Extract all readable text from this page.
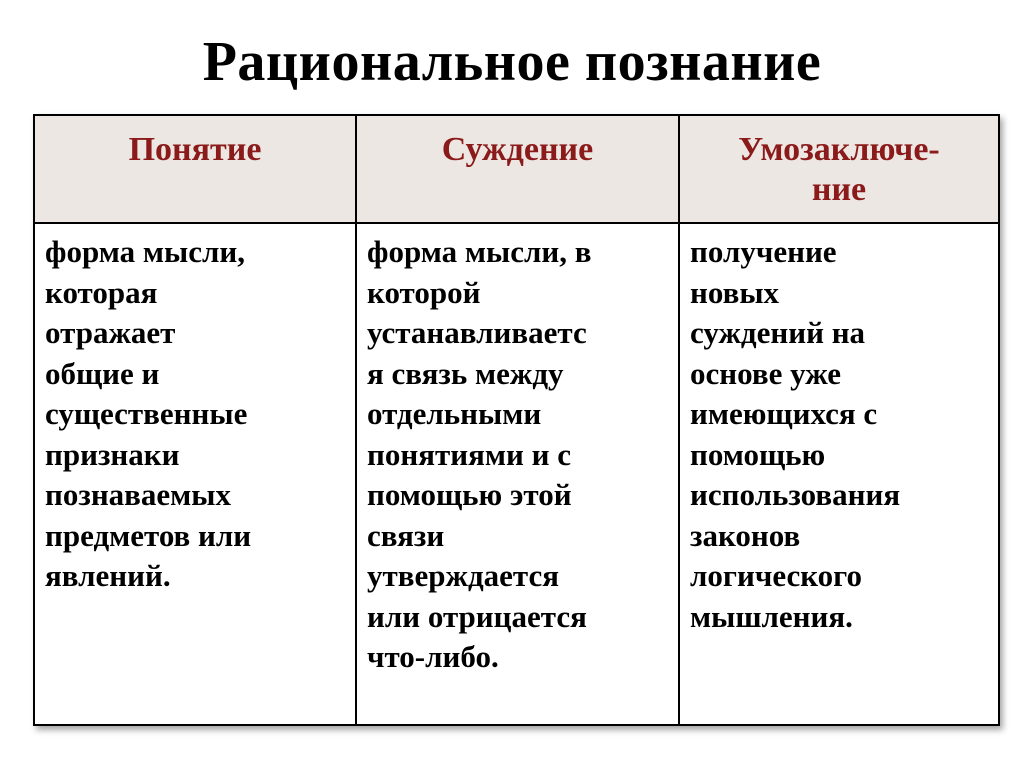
Рациональное познание
Понятие	Суждение	Умозаключе-
ние
форма мысли,
которая
отражает
общие и
существенные
признаки
познаваемых
предметов или
явлений.
форма мысли, в
которой
устанавливаетс
я связь между
отдельными
понятиями и с
помощью этой
связи
утверждается
или отрицается
что-либо.
получение
новых
суждений на
основе уже
имеющихся с
помощью
использования
законов
логического
мышления.
